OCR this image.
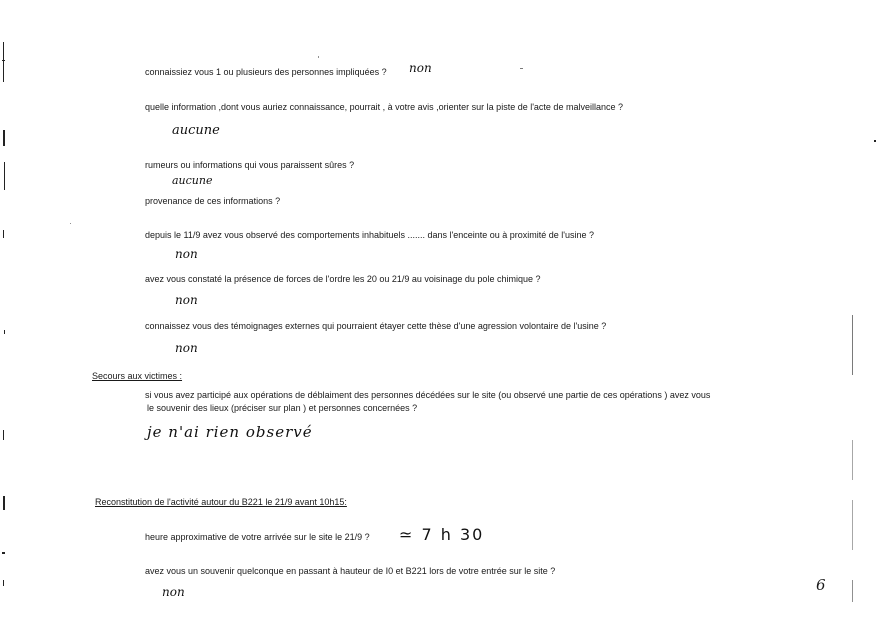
connaissiez vous 1 ou plusieurs des personnes impliquées ? non
quelle information ,dont vous auriez connaissance, pourrait , à votre avis ,orienter sur la piste de l'acte de malveillance ?
aucune
rumeurs ou informations qui vous paraissent sûres ?
aucune
provenance de ces informations ?
depuis le 11/9 avez vous observé des comportements inhabituels ....... dans l'enceinte ou à proximité de l'usine ?
non
avez vous constaté la présence de forces de l'ordre les 20 ou 21/9 au voisinage du pole chimique ?
non
connaissez vous des témoignages externes qui pourraient étayer cette thèse d'une agression volontaire de l'usine ?
non
Secours aux victimes :
si vous avez participé aux opérations de déblaiment des personnes décédées sur le site (ou observé une partie de ces opérations ) avez vous
le souvenir des lieux (préciser sur plan ) et personnes concernées ?
je n'ai rien observé
Reconstitution de l'activité autour du B221 le 21/9 avant 10h15:
heure approximative de votre arrivée sur le site le 21/9 ? ≃ 7 h 30
avez vous un souvenir quelconque en passant à hauteur de I0 et B221 lors de votre entrée sur le site ?
non	6
